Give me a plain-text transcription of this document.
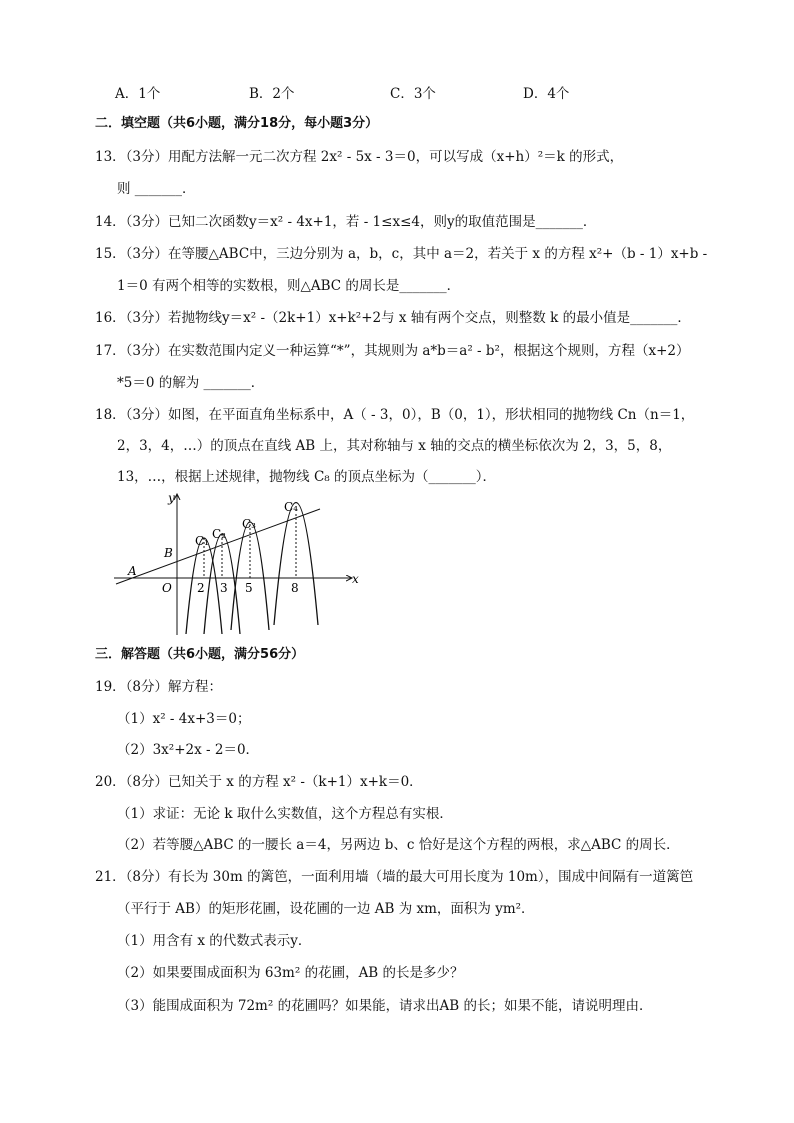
A．1个	B．2个	C．3个	D．4个
二．填空题（共6小题，满分18分，每小题3分）
13．（3分）用配方法解一元二次方程 2x² - 5x - 3＝0，可以写成（x+h）²＝k 的形式，
则 _______．
14．（3分）已知二次函数y＝x² - 4x+1，若 - 1≤x≤4，则y的取值范围是_______．
15．（3分）在等腰△ABC中，三边分别为 a，b，c，其中 a＝2，若关于 x 的方程 x²+（b - 1）x+b -
1＝0 有两个相等的实数根，则△ABC 的周长是_______．
16．（3分）若抛物线y＝x² -（2k+1）x+k²+2与 x 轴有两个交点，则整数 k 的最小值是_______．
17．（3分）在实数范围内定义一种运算“*”，其规则为 a*b＝a² - b²，根据这个规则，方程（x+2）
*5＝0 的解为 _______．
18．（3分）如图，在平面直角坐标系中，A（ - 3，0），B（0，1），形状相同的抛物线 Cn（n＝1，
2，3，4，…）的顶点在直线 AB 上，其对称轴与 x 轴的交点的横坐标依次为 2，3，5，8，
13，…，根据上述规律，抛物线 C₈ 的顶点坐标为（_______）．
y
x
A
B
O
C₁ C₂
C₃
C₄
2 3 5	8
三．解答题（共6小题，满分56分）
19．（8分）解方程：
（1）x² - 4x+3＝0；
（2）3x²+2x - 2＝0．
20．（8分）已知关于 x 的方程 x² -（k+1）x+k＝0．
（1）求证：无论 k 取什么实数值，这个方程总有实根．
（2）若等腰△ABC 的一腰长 a＝4，另两边 b、c 恰好是这个方程的两根，求△ABC 的周长．
21．（8分）有长为 30m 的篱笆，一面利用墙（墙的最大可用长度为 10m），围成中间隔有一道篱笆
（平行于 AB）的矩形花圃，设花圃的一边 AB 为 xm，面积为 ym²．
（1）用含有 x 的代数式表示y．
（2）如果要围成面积为 63m² 的花圃，AB 的长是多少？
（3）能围成面积为 72m² 的花圃吗？如果能，请求出AB 的长；如果不能，请说明理由．
